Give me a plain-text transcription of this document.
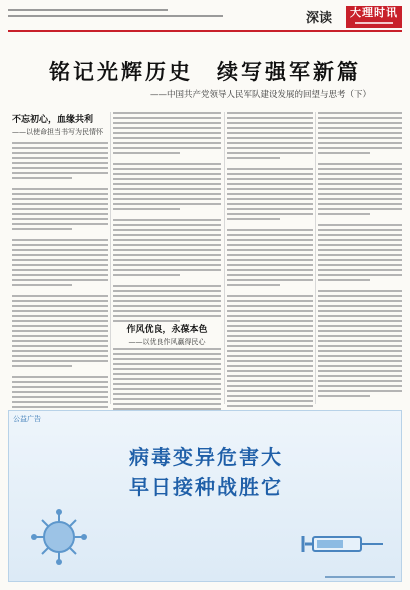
深读	大理时讯
铭记光辉历史　续写强军新篇
——中国共产党领导人民军队建设发展的回望与思考（下）
不忘初心，血缘共利
——以使命担当书写为民情怀
作风优良，永葆本色
——以优良作风赢得民心
公益广告
病毒变异危害大
早日接种战胜它
